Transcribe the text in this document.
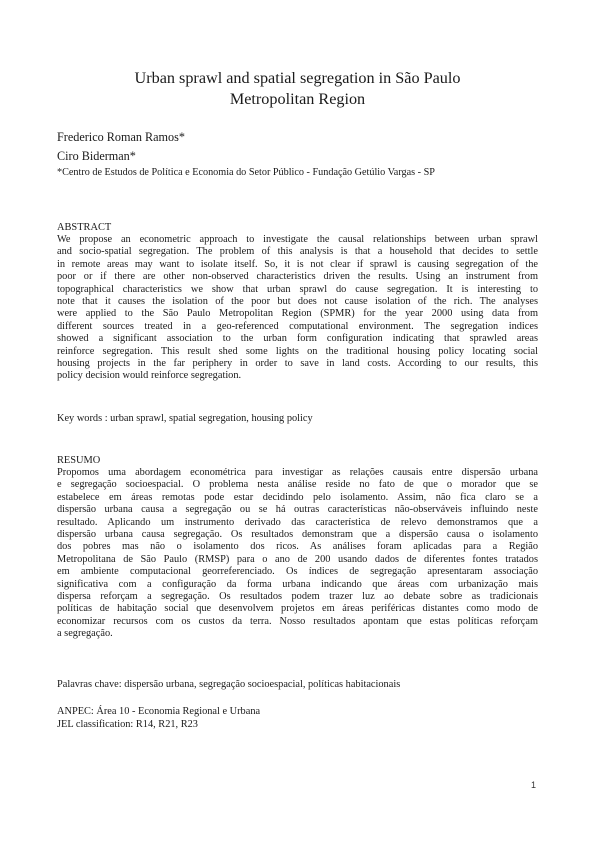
Urban sprawl and spatial segregation in São Paulo
Metropolitan Region
Frederico Roman Ramos*
Ciro Biderman*
*Centro de Estudos de Política e Economia do Setor Público - Fundação Getúlio Vargas - SP
ABSTRACT
We propose an econometric approach to investigate the causal relationships between urban sprawl
and socio-spatial segregation. The problem of this analysis is that a household that decides to settle
in remote areas may want to isolate itself. So, it is not clear if sprawl is causing segregation of the
poor or if there are other non-observed characteristics driven the results. Using an instrument from
topographical characteristics we show that urban sprawl do cause segregation. It is interesting to
note that it causes the isolation of the poor but does not cause isolation of the rich. The analyses
were applied to the São Paulo Metropolitan Region (SPMR) for the year 2000 using data from
different sources treated in a geo-referenced computational environment. The segregation indices
showed a significant association to the urban form configuration indicating that sprawled areas
reinforce segregation. This result shed some lights on the traditional housing policy locating social
housing projects in the far periphery in order to save in land costs. According to our results, this
policy decision would reinforce segregation.
Key words : urban sprawl, spatial segregation, housing policy
RESUMO
Propomos uma abordagem econométrica para investigar as relações causais entre dispersão urbana
e segregação socioespacial. O problema nesta análise reside no fato de que o morador que se
estabelece em áreas remotas pode estar decidindo pelo isolamento. Assim, não fica claro se a
dispersão urbana causa a segregação ou se há outras características não-observáveis influindo neste
resultado. Aplicando um instrumento derivado das característica de relevo demonstramos que a
dispersão urbana causa segregação. Os resultados demonstram que a dispersão causa o isolamento
dos pobres mas não o isolamento dos ricos. As análises foram aplicadas para a Região
Metropolitana de São Paulo (RMSP) para o ano de 200 usando dados de diferentes fontes tratados
em ambiente computacional georreferenciado. Os índices de segregação apresentaram associação
significativa com a configuração da forma urbana indicando que áreas com urbanização mais
dispersa reforçam a segregação. Os resultados podem trazer luz ao debate sobre as tradicionais
políticas de habitação social que desenvolvem projetos em áreas periféricas distantes como modo de
economizar recursos com os custos da terra. Nosso resultados apontam que estas políticas reforçam
a segregação.
Palavras chave: dispersão urbana, segregação socioespacial, políticas habitacionais
ANPEC: Área 10 - Economia Regional e Urbana
JEL classification: R14, R21, R23
1
